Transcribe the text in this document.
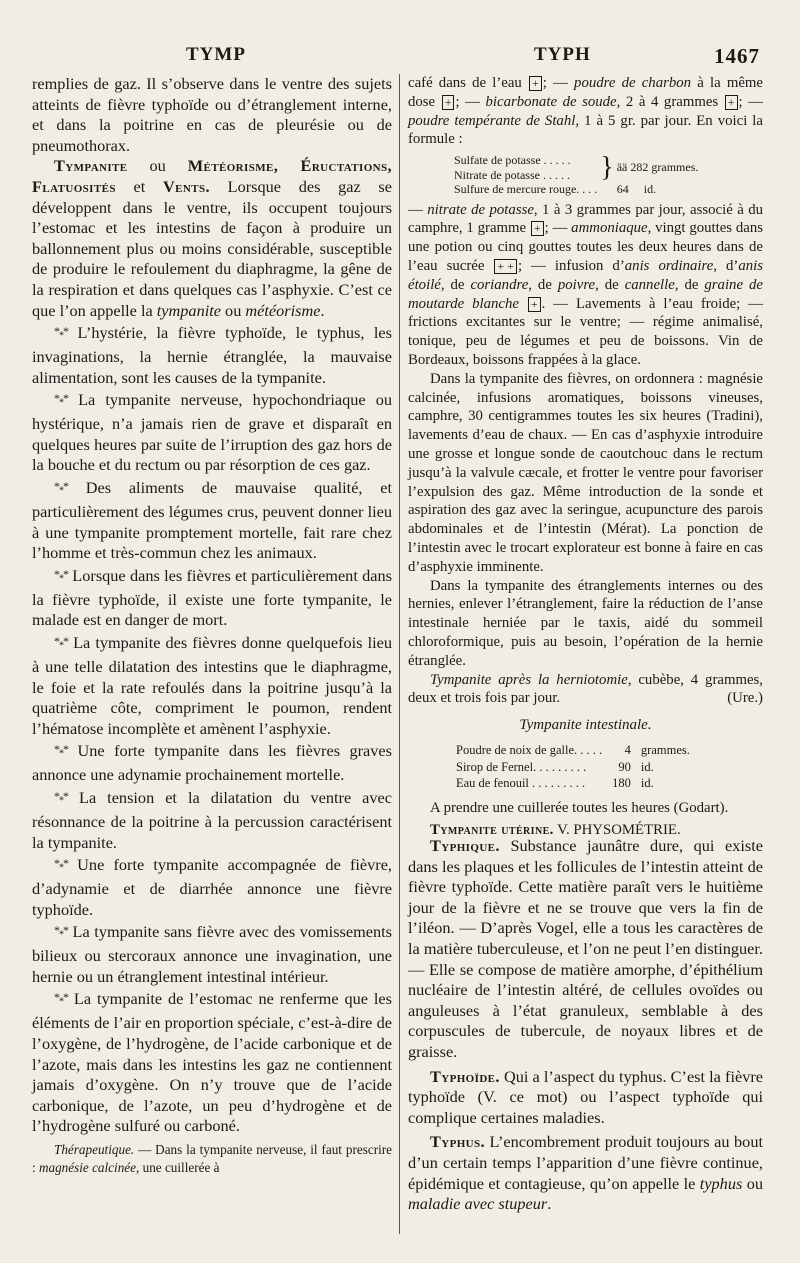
TYMP	TYPH	1467

remplies de gaz. Il s’observe dans le ventre des sujets atteints de fièvre typhoïde ou d’étranglement interne, et dans la poitrine en cas de pleurésie ou de pneumothorax.

Tympanite ou Météorisme, Éructations, Flatuosités et Vents. Lorsque des gaz se développent dans le ventre, ils occupent toujours l’estomac et les intestins de façon à produire un ballonnement plus ou moins considérable, susceptible de produire le refoulement du diaphragme, la gêne de la respiration et dans quelques cas l’asphyxie. C’est ce que l’on appelle la tympanite ou météorisme.

$*_**$ L’hystérie, la fièvre typhoïde, le typhus, les invaginations, la hernie étranglée, la mauvaise alimentation, sont les causes de la tympanite.

$*_**$ La tympanite nerveuse, hypochondriaque ou hystérique, n’a jamais rien de grave et disparaît en quelques heures par suite de l’irruption des gaz hors de la bouche et du rectum ou par résorption de ces gaz.

$*_**$ Des aliments de mauvaise qualité, et particulièrement des légumes crus, peuvent donner lieu à une tympanite promptement mortelle, fait rare chez l’homme et très-commun chez les animaux.

$*_**$ Lorsque dans les fièvres et particulièrement dans la fièvre typhoïde, il existe une forte tympanite, le malade est en danger de mort.

$*_**$ La tympanite des fièvres donne quelquefois lieu à une telle dilatation des intestins que le diaphragme, le foie et la rate refoulés dans la poitrine jusqu’à la quatrième côte, compriment le poumon, rendent l’hématose incomplète et amènent l’asphyxie.

$*_**$ Une forte tympanite dans les fièvres graves annonce une adynamie prochainement mortelle.

$*_**$ La tension et la dilatation du ventre avec résonnance de la poitrine à la percussion caractérisent la tympanite.

$*_**$ Une forte tympanite accompagnée de fièvre, d’adynamie et de diarrhée annonce une fièvre typhoïde.

$*_**$ La tympanite sans fièvre avec des vomissements bilieux ou stercoraux annonce une invagination, une hernie ou un étranglement intestinal intérieur.

$*_**$ La tympanite de l’estomac ne renferme que les éléments de l’air en proportion spéciale, c’est-à-dire de l’oxygène, de l’hydrogène, de l’acide carbonique et de l’azote, mais dans les intestins les gaz ne contiennent jamais d’oxygène. On n’y trouve que de l’acide carbonique, de l’azote, un peu d’hydrogène et de l’hydrogène sulfuré ou carboné.

Thérapeutique. — Dans la tympanite nerveuse, il faut prescrire : magnésie calcinée, une cuillerée à

café dans de l’eau + ; — poudre de charbon à la même dose + ; — bicarbonate de soude, 2 à 4 grammes + ; — poudre tempérante de Stahl, 1 à 5 gr. par jour. En voici la formule :

Sulfate de potasse . . . . .	}	ää 282 grammes.
Nitrate de potasse . . . . .		
Sulfure de mercure rouge. . . .		64 id.

— nitrate de potasse, 1 à 3 grammes par jour, associé à du camphre, 1 gramme + ; — ammoniaque, vingt gouttes dans une potion ou cinq gouttes toutes les deux heures dans de l’eau sucrée + + ; — infusion d’anis ordinaire, d’anis étoilé, de coriandre, de poivre, de cannelle, de graine de moutarde blanche + . — Lavements à l’eau froide; — frictions excitantes sur le ventre; — régime animalisé, tonique, peu de légumes et peu de boissons. Vin de Bordeaux, boissons frappées à la glace.

Dans la tympanite des fièvres, on ordonnera : magnésie calcinée, infusions aromatiques, boissons vineuses, camphre, 30 centigrammes toutes les six heures (Tradini), lavements d’eau de chaux. — En cas d’asphyxie introduire une grosse et longue sonde de caoutchouc dans le rectum jusqu’à la valvule cæcale, et frotter le ventre pour favoriser l’expulsion des gaz. Même introduction de la sonde et aspiration des gaz avec la seringue, acupuncture des parois abdominales et de l’intestin (Mérat). La ponction de l’intestin avec le trocart explorateur est bonne à faire en cas d’asphyxie imminente.

Dans la tympanite des étranglements internes ou des hernies, enlever l’étranglement, faire la réduction de l’anse intestinale herniée par le taxis, aidé du sommeil chloroformique, puis au besoin, l’opération de la hernie étranglée.

Tympanite après la herniotomie, cubèbe, 4 grammes, deux et trois fois par jour.	(Ure.)

Tympanite intestinale.
Poudre de noix de galle. . . . .	4	grammes.
Sirop de Fernel. . . . . . . . .	90	id.
Eau de fenouil . . . . . . . . .	180	id.

A prendre une cuillerée toutes les heures (Godart).

Tympanite utérine. V. PHYSOMÉTRIE.

Typhique. Substance jaunâtre dure, qui existe dans les plaques et les follicules de l’intestin atteint de fièvre typhoïde. Cette matière paraît vers le huitième jour de la fièvre et ne se trouve que vers la fin de l’iléon. — D’après Vogel, elle a tous les caractères de la matière tuberculeuse, et l’on ne peut l’en distinguer. — Elle se compose de matière amorphe, d’épithélium nucléaire de l’intestin altéré, de cellules ovoïdes ou anguleuses à l’état granuleux, semblable à des corpuscules de tubercule, de noyaux libres et de graisse.

Typhoïde. Qui a l’aspect du typhus. C’est la fièvre typhoïde (V. ce mot) ou l’aspect typhoïde qui complique certaines maladies.

Typhus. L’encombrement produit toujours au bout d’un certain temps l’apparition d’une fièvre continue, épidémique et contagieuse, qu’on appelle le typhus ou maladie avec stupeur.
